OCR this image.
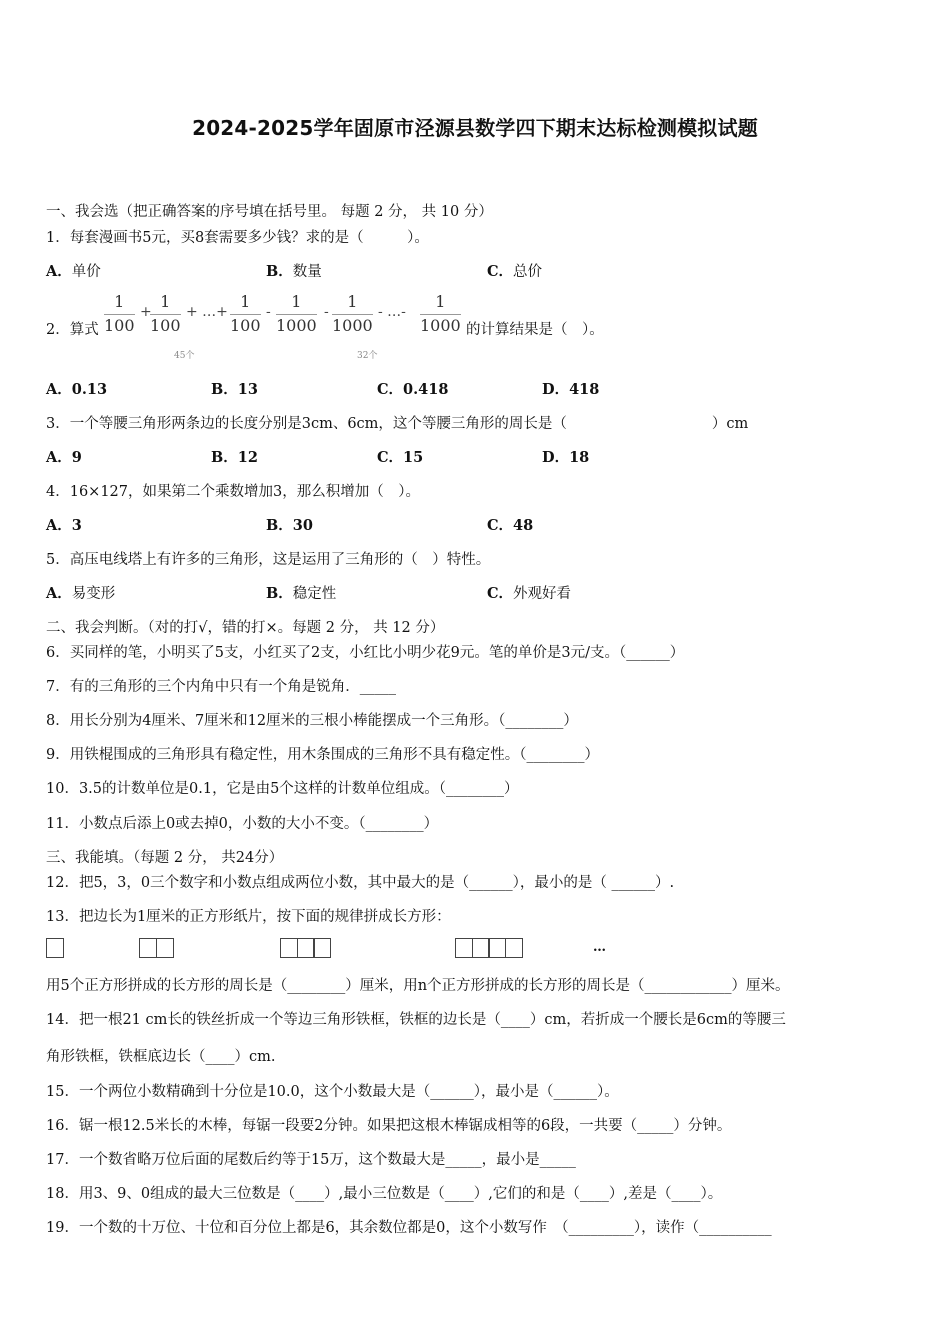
2024-2025学年固原市泾源县数学四下期末达标检测模拟试题
一、我会选（把正确答案的序号填在括号里。 每题 2 分， 共 10 分）
1．每套漫画书5元，买8套需要多少钱？求的是（　　　）。
A．单价	B．数量	C．总价
2．算式 $\frac{1}{100}$ +
$\frac{1}{100}$ + …+ $\frac{1}{100} - \frac{1}{1000} - \frac{1}{1000}$ - …- $\frac{1}{1000}$
45个	32个
的计算结果是（　）。
A．0.13	B．13	C．0.418	D．418
3．一个等腰三角形两条边的长度分别是3cm、6cm，这个等腰三角形的周长是（　　　　　　　　　　）cm
A．9	B．12	C．15	D．18
4．16×127，如果第二个乘数增加3，那么积增加（　）。
A．3	B．30	C．48
5．高压电线塔上有许多的三角形，这是运用了三角形的（　）特性。
A．易变形	B．稳定性	C．外观好看
二、我会判断。（对的打√，错的打×。每题 2 分， 共 12 分）
6．买同样的笔，小明买了5支，小红买了2支，小红比小明少花9元。笔的单价是3元/支。（______）
7．有的三角形的三个内角中只有一个角是锐角．_____
8．用长分别为4厘米、7厘米和12厘米的三根小棒能摆成一个三角形。（________）
9．用铁棍围成的三角形具有稳定性，用木条围成的三角形不具有稳定性。（________）
10．3.5的计数单位是0.1，它是由5个这样的计数单位组成。（________）
11．小数点后添上0或去掉0，小数的大小不变。（________）
三、我能填。（每题 2 分， 共24分）
12．把5，3，0三个数字和小数点组成两位小数，其中最大的是（______），最小的是（ ______）.
13．把边长为1厘米的正方形纸片，按下面的规律拼成长方形：
…
用5个正方形拼成的长方形的周长是（________）厘米，用n个正方形拼成的长方形的周长是（____________）厘米。
14．把一根21 cm长的铁丝折成一个等边三角形铁框，铁框的边长是（____）cm，若折成一个腰长是6cm的等腰三
角形铁框，铁框底边长（____）cm.
15．一个两位小数精确到十分位是10.0，这个小数最大是（______），最小是（______）。
16．锯一根12.5米长的木棒，每锯一段要2分钟。如果把这根木棒锯成相等的6段，一共要（_____）分钟。
17．一个数省略万位后面的尾数后约等于15万，这个数最大是_____，最小是_____
18．用3、9、0组成的最大三位数是（____）,最小三位数是（____）,它们的和是（____）,差是（____）。
19．一个数的十万位、十位和百分位上都是6，其余数位都是0，这个小数写作　（_________），读作（__________
